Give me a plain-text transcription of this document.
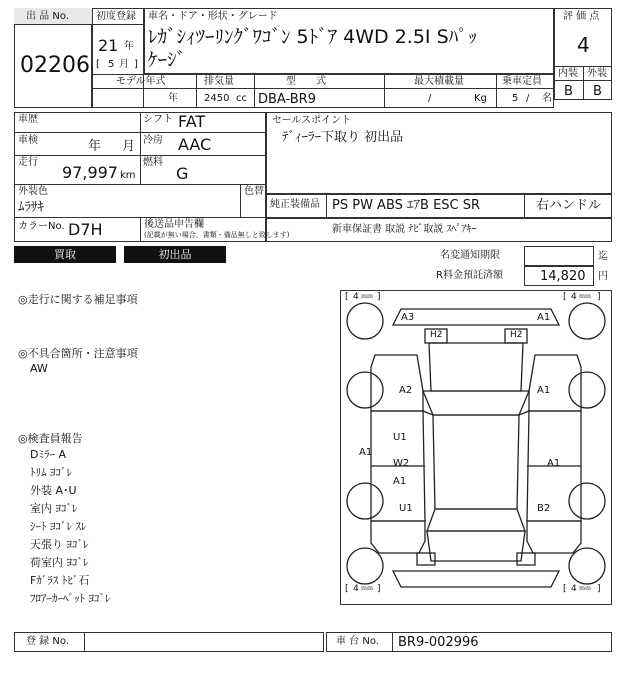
出 品 No.
02206
初度登録
21 年
[ 5 月 ]
車名・ドア・形状・グレード
ﾚｶﾞｼｨﾂｰﾘﾝｸﾞﾜｺﾞﾝ 5ﾄﾞｱ 4WD 2.5I Sﾊﾟｯ
ｹｰｼﾞ
評 価 点
4
内装 外装
B B
モデル年式	排気量	型　　式	最大積載量	乗車定員
年	2450 cc DBA-BR9	/	Kg	5 / 名
車歴	シフト FAT
車検	年 月 冷房 AAC
走行
97,997 km
燃料
G
外装色
ﾑﾗｻｷ
色替
カラーNo. D7H	後送品申告欄
(記載が無い場合、書類・備品無しと致します)
セールスポイント
ﾃﾞｨｰﾗｰ下取り 初出品
純正装備品 PS PW ABS ｴｱB ESC SR	右ハンドル
新車保証書 取説 ﾅﾋﾞ取説 ｽﾍﾟｱｷｰ
買取	初出品	名変通知期限	迄
R料金預託済額	14,820 円
◎走行に関する補足事項
◎不具合箇所・注意事項
AW
◎検査員報告
Dﾐﾗｰ A
ﾄﾘﾑ ﾖｺﾞﾚ
外装 A･U
室内 ﾖｺﾞﾚ
ｼｰﾄ ﾖｺﾞﾚ ｽﾚ
天張り ﾖｺﾞﾚ
荷室内 ﾖｺﾞﾚ
Fｶﾞﾗｽ ﾄﾋﾞ石
ﾌﾛｱｰｶｰﾍﾟｯﾄ ﾖｺﾞﾚ
[ 4 ｍｍ ]	[ 4 ｍｍ ]
[ 4 ｍｍ ]	[ 4 ｍｍ ]
A3	A1
H2	H2
A2	A1
U1
A1
W2	A1
A1
U1	B2
登 録 No.	車 台 No. BR9-002996
